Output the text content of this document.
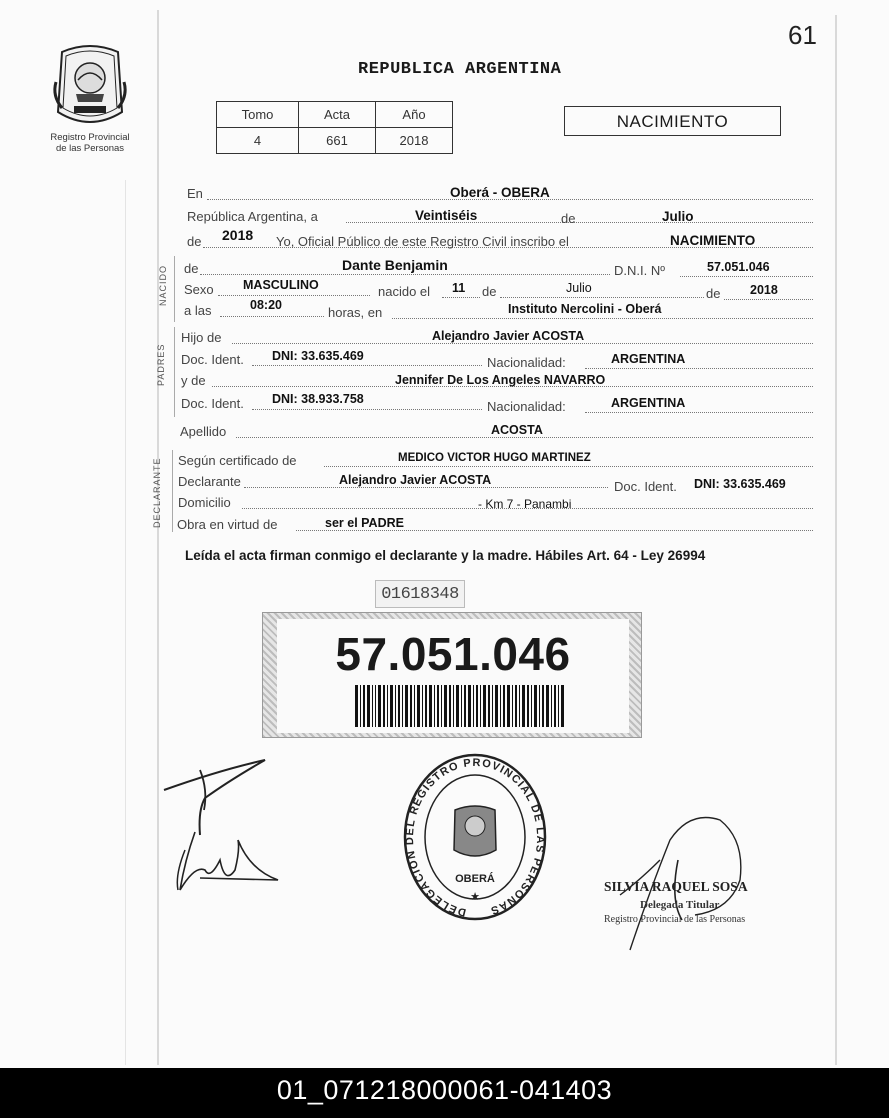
61
Registro Provincial
de las Personas
REPUBLICA ARGENTINA
Tomo	Acta	Año
4	661	2018
NACIMIENTO
En	Oberá - OBERA
República Argentina, a	Veintiséis	de	Julio
de 2018 Yo, Oficial Público de este Registro Civil inscribo el	NACIMIENTO
NACIDO de	Dante Benjamin	D.N.I. Nº	57.051.046
Sexo MASCULINO	nacido el 11 de	Julio	de 2018
a las	08:20	horas, en	Instituto Nercolini - Oberá
PADRES
Hijo de	Alejandro Javier ACOSTA
Doc. Ident. DNI: 33.635.469	Nacionalidad:	ARGENTINA
y de	Jennifer De Los Angeles NAVARRO
Doc. Ident. DNI: 38.933.758	Nacionalidad:	ARGENTINA
Apellido	ACOSTA
DECLARANTE Según certificado de	MEDICO VICTOR HUGO MARTINEZ
Declarante	Alejandro Javier ACOSTA	Doc. Ident. DNI: 33.635.469
Domicilio	- Km 7 - Panambi
Obra en virtud de	ser el PADRE
Leída el acta firman conmigo el declarante y la madre. Hábiles Art. 64 - Ley 26994
01618348
57.051.046
DELEGACION DEL REGISTRO PROVINCIAL DE LAS PERSONAS
OBERÁ
★
SILVIA RAQUEL SOSA
Delegada Titular
Registro Provincial de las Personas
01_071218000061-041403
